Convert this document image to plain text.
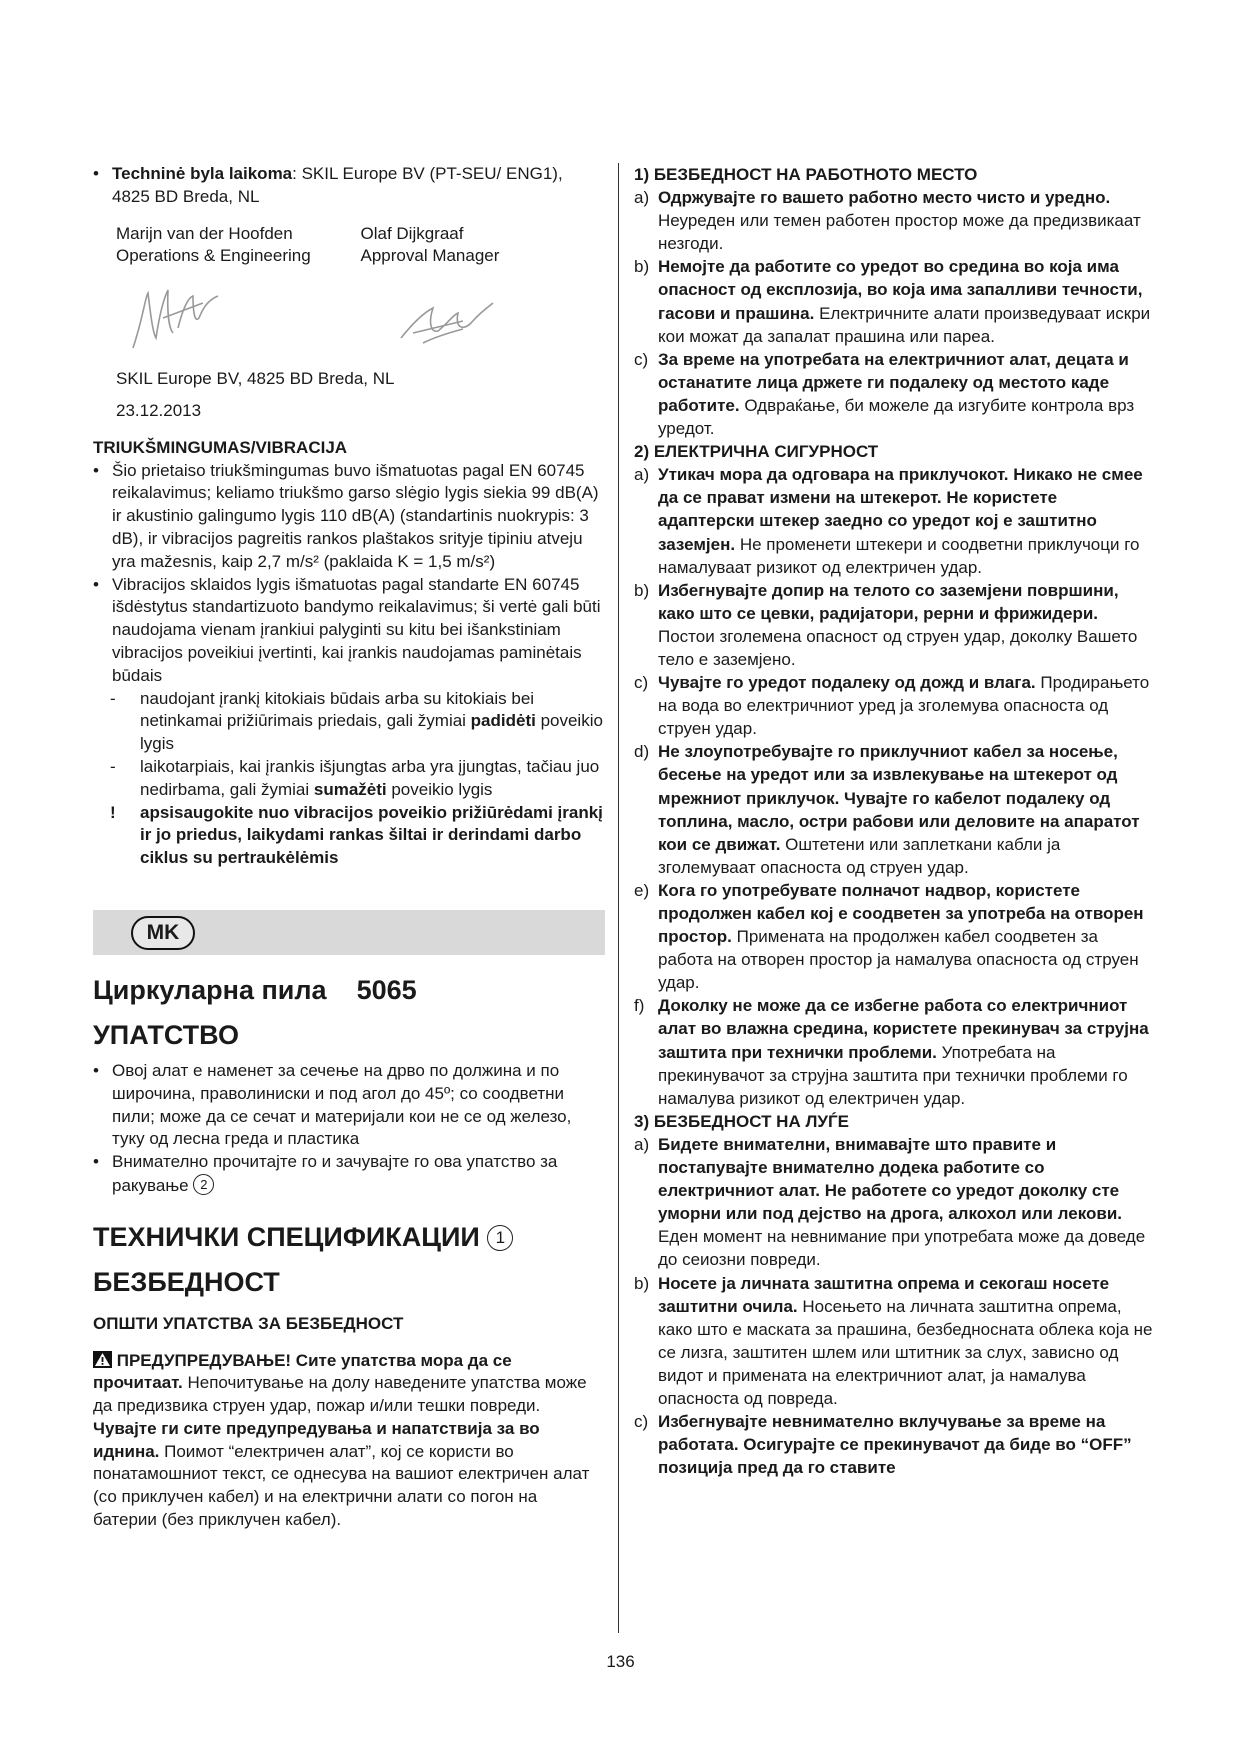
• Techninė byla laikoma: SKIL Europe BV (PT-SEU/ ENG1), 4825 BD Breda, NL

Marijn van der Hoofden

Operations & Engineering

Olaf Dijkgraaf

Approval Manager

SKIL Europe BV, 4825 BD Breda, NL

23.12.2013

TRIUKŠMINGUMAS/VIBRACIJA

• Šio prietaiso triukšmingumas buvo išmatuotas pagal EN 60745 reikalavimus; keliamo triukšmo garso slėgio lygis siekia 99 dB(A) ir akustinio galingumo lygis 110 dB(A) (standartinis nuokrypis: 3 dB), ir vibracijos pagreitis rankos plaštakos srityje tipiniu atveju yra mažesnis, kaip 2,7 m/s² (paklaida K = 1,5 m/s²)

• Vibracijos sklaidos lygis išmatuotas pagal standarte EN 60745 išdėstytus standartizuoto bandymo reikalavimus; ši vertė gali būti naudojama vienam įrankiui palyginti su kitu bei išankstiniam vibracijos poveikiui įvertinti, kai įrankis naudojamas paminėtais būdais

- naudojant įrankį kitokiais būdais arba su kitokiais bei netinkamai prižiūrimais priedais, gali žymiai padidėti poveikio lygis

- laikotarpiais, kai įrankis išjungtas arba yra įjungtas, tačiau juo nedirbama, gali žymiai sumažėti poveikio lygis

! apsisaugokite nuo vibracijos poveikio prižiūrėdami įrankį ir jo priedus, laikydami rankas šiltai ir derindami darbo ciklus su pertraukėlėmis

MK

Циркуларна пила 5065

УПАТСТВО

• Овој алат е наменет за сечење на дрво по должина и по широчина, праволиниски и под агол до 45º; со соодветни пили; може да се сечат и материјали кои не се од железо, туку од лесна греда и пластика

• Внимателно прочитајте го и зачувајте го ова упатство за ракување 2

ТЕХНИЧКИ СПЕЦИФИКАЦИИ 1

БЕЗБЕДНОСТ

ОПШТИ УПАТСТВА ЗА БЕЗБЕДНОСТ

ПРЕДУПРЕДУВАЊЕ! Сите упатства мора да се прочитаат. Непочитување на долу наведените упатства може да предизвика струен удар, пожар и/или тешки повреди. Чувајте ги сите предупредувања и напатствија за во иднина. Поимот “електричен алат”, кој се користи во понатамошниот текст, се однесува на вашиот електричен алат (со приклучен кабел) и на електрични алати со погон на батерии (без приклучен кабел).

1) БЕЗБЕДНОСТ НА РАБОТНОТО МЕСТО

a) Одржувајте го вашето работно место чисто и уредно. Неуреден или темен работен простор може да предизвикаат незгоди.

b) Немојте да работите со уредот во средина во која има опасност од експлозија, во која има запалливи течности, гасови и прашина. Електричните алати произведуваат искри кои можат да запалат прашина или пареа.

c) За време на употребата на електричниот алат, децата и останатите лица држете ги подалеку од местото каде работите. Одвраќање, би можеле да изгубите контрола врз уредот.

2) ЕЛЕКТРИЧНА СИГУРНОСТ

a) Утикач мора да одговара на приклучокот. Никако не смее да се прават измени на штекерот. Не користете адаптерски штекер заедно со уредот кој е заштитно заземјен. Не променети штекери и соодветни приклучоци го намалуваат ризикот од електричен удар.

b) Избегнувајте допир на телото со заземјени површини, како што се цевки, радијатори, рерни и фрижидери. Постои зголемена опасност од струен удар, доколку Вашето тело е заземјено.

c) Чувајте го уредот подалеку од дожд и влага. Продирањето на вода во електричниот уред ја зголемува опасноста од струен удар.

d) Не злоупотребувајте го приклучниот кабел за носење, бесење на уредот или за извлекување на штекерот од мрежниот приклучок. Чувајте го кабелот подалеку од топлина, масло, остри рабови или деловите на апаратот кои се движат. Оштетени или заплеткани кабли ја зголемуваат опасноста од струен удар.

e) Кога го употребувате полначот надвор, користете продолжен кабел кој е соодветен за употреба на отворен простор. Примената на продолжен кабел соодветен за работа на отворен простор ја намалува опасноста од струен удар.

f) Доколку не може да се избегне работа со електричниот алат во влажна средина, користете прекинувач за струјна заштита при технички проблеми. Употребата на прекинувачот за струјна заштита при технички проблеми го намалува ризикот од електричен удар.

3) БЕЗБЕДНОСТ НА ЛУЃЕ

a) Бидете внимателни, внимавајте што правите и постапувајте внимателно додека работите со електричниот алат. Не работете со уредот доколку сте уморни или под дејство на дрога, алкохол или лекови. Еден момент на невнимание при употребата може да доведе до сеиозни повреди.

b) Носете ја личната заштитна опрема и секогаш носете заштитни очила. Носењето на личната заштитна опрема, како што е маската за прашина, безбедносната облека која не се лизга, заштитен шлем или штитник за слух, зависно од видот и примената на електричниот алат, ја намалува опасноста од повреда.

c) Избегнувајте невнимателно вклучување за време на работата. Осигурајте се прекинувачот да биде во “OFF” позиција пред да го ставите

136
